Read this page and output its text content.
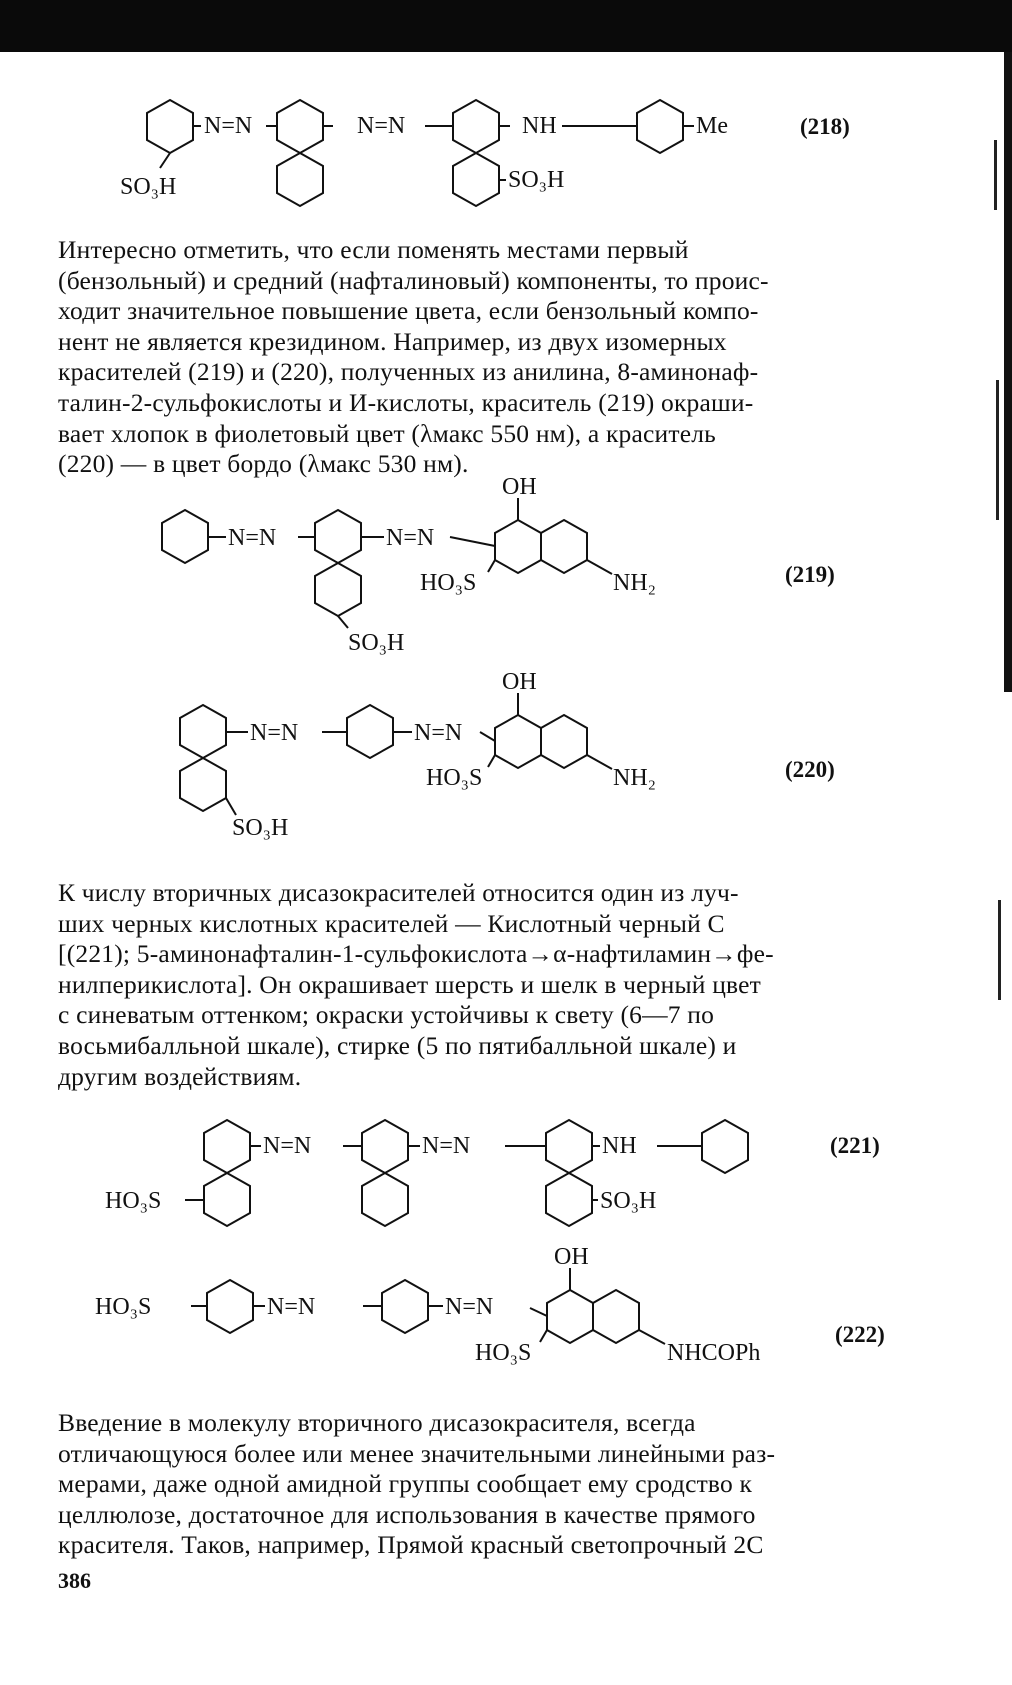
SO₃H
N=N	N=N	NH	Me
SO₃H
(218)
Интересно отметить, что если поменять местами первый
(бензольный) и средний (нафталиновый) компоненты, то проис-
ходит значительное повышение цвета, если бензольный компо-
нент не является крезидином. Например, из двух изомерных
красителей (219) и (220), полученных из анилина, 8-аминонаф-
талин-2-сульфокислоты и И-кислоты, краситель (219) окраши-
вает хлопок в фиолетовый цвет (λмакс 550 нм), а краситель
(220) — в цвет бордо (λмакс 530 нм).
N=N	N=N
OH
HO₃S	NH₂
SO₃H
(219)
N=N	N=N
OH
HO₃S	NH₂
SO₃H
(220)
К числу вторичных дисазокрасителей относится один из луч-
ших черных кислотных красителей — Кислотный черный С
[(221); 5-аминонафталин-1-сульфокислота→α-нафтиламин→фе-
нилперикислота]. Он окрашивает шерсть и шелк в черный цвет
с синеватым оттенком; окраски устойчивы к свету (6—7 по
восьмибалльной шкале), стирке (5 по пятибалльной шкале) и
другим воздействиям.
N=N	N=N	NH
HO₃S	SO₃H
(221)
HO₃S	N=N	N=N
OH
HO₃S	NHCOPh
(222)
Введение в молекулу вторичного дисазокрасителя, всегда
отличающуюся более или менее значительными линейными раз-
мерами, даже одной амидной группы сообщает ему сродство к
целлюлозе, достаточное для использования в качестве прямого
красителя. Таков, например, Прямой красный светопрочный 2С
386
